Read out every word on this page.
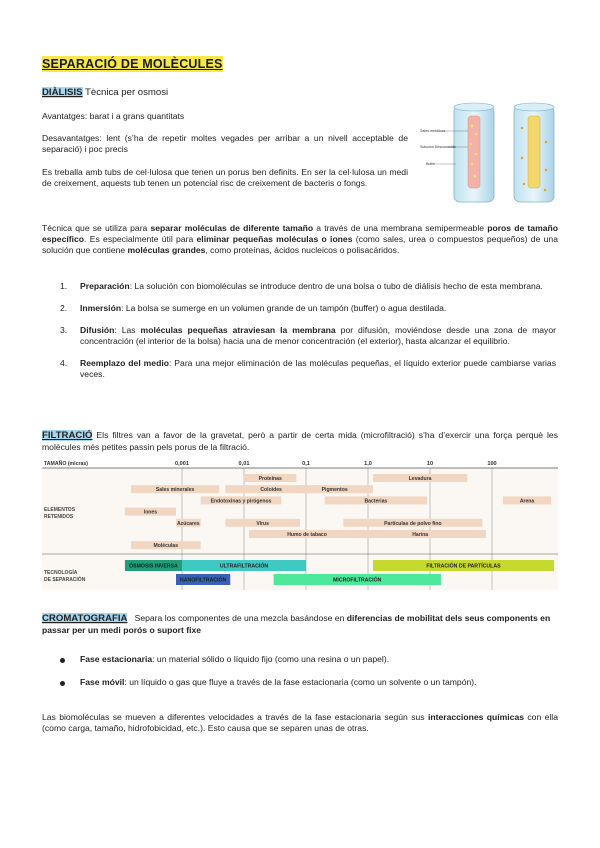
SEPARACIÓ DE MOLÈCULES

DIÀLISIS Tècnica per osmosi

Avantatges: barat i a grans quantitats

Desavantatges: lent (s’ha de repetir moltes vegades per arribar a un nivell acceptable de separació) i poc precis

Es treballa amb tubs de cel·lulosa que tenen un porus ben definits. En ser la cel·lulosa un medi de creixement, aquests tub tenen un potencial risc de creixement de bacteris o fongs.

Sales metálicas
Solución Desconocida
Buffer

Técnica que se utiliza para separar moléculas de diferente tamaño a través de una membrana semipermeable poros de tamaño específico. Es especialmente útil para eliminar pequeñas moléculas o iones (como sales, urea o compuestos pequeños) de una solución que contiene moléculas grandes, como proteínas, ácidos nucleicos o polisacáridos.

1. Preparación: La solución con biomoléculas se introduce dentro de una bolsa o tubo de diálisis hecho de esta membrana.
2. Inmersión: La bolsa se sumerge en un volumen grande de un tampón (buffer) o agua destilada.
3. Difusión: Las moléculas pequeñas atraviesan la membrana por difusión, moviéndose desde una zona de mayor concentración (el interior de la bolsa) hacia una de menor concentración (el exterior), hasta alcanzar el equilibrio.
4. Reemplazo del medio: Para una mejor eliminación de las moléculas pequeñas, el líquido exterior puede cambiarse varias veces.

FILTRACIÓ Els filtres van a favor de la gravetat, però a partir de certa mida (microfiltració) s’ha d’exercir una força perquè les molècules més petites passin pels porus de la filtració.

TAMAÑO (micras)	0,001	0,01	0,1	1,0	10	100
ELEMENTOS
RETENIDOS
TECNOLOGÍA
DE SEPARACIÓN
Proteínas	Levadura
Sales minerales	Coloides	Pigmentos
Endotoxinas y pirógenos	Bacterias	Arena
Iones
Azúcares	Virus	Partículas de polvo fino
Humo de tabaco	Harina
Moléculas
ÓSMOSIS INVERSA	ULTRAFILTRACIÓN	FILTRACIÓN DE PARTÍCULAS
NANOFILTRACIÓN	MICROFILTRACIÓN

CROMATOGRAFIA   Separa los componentes de una mezcla basándose en diferencias de mobilitat dels seus components en passar per un medi porós o suport fixe

Fase estacionaria: un material sólido o líquido fijo (como una resina o un papel).
Fase móvil: un líquido o gas que fluye a través de la fase estacionaria (como un solvente o un tampón).

Las biomoléculas se mueven a diferentes velocidades a través de la fase estacionaria según sus interacciones químicas con ella (como carga, tamaño, hidrofobicidad, etc.). Esto causa que se separen unas de otras.
